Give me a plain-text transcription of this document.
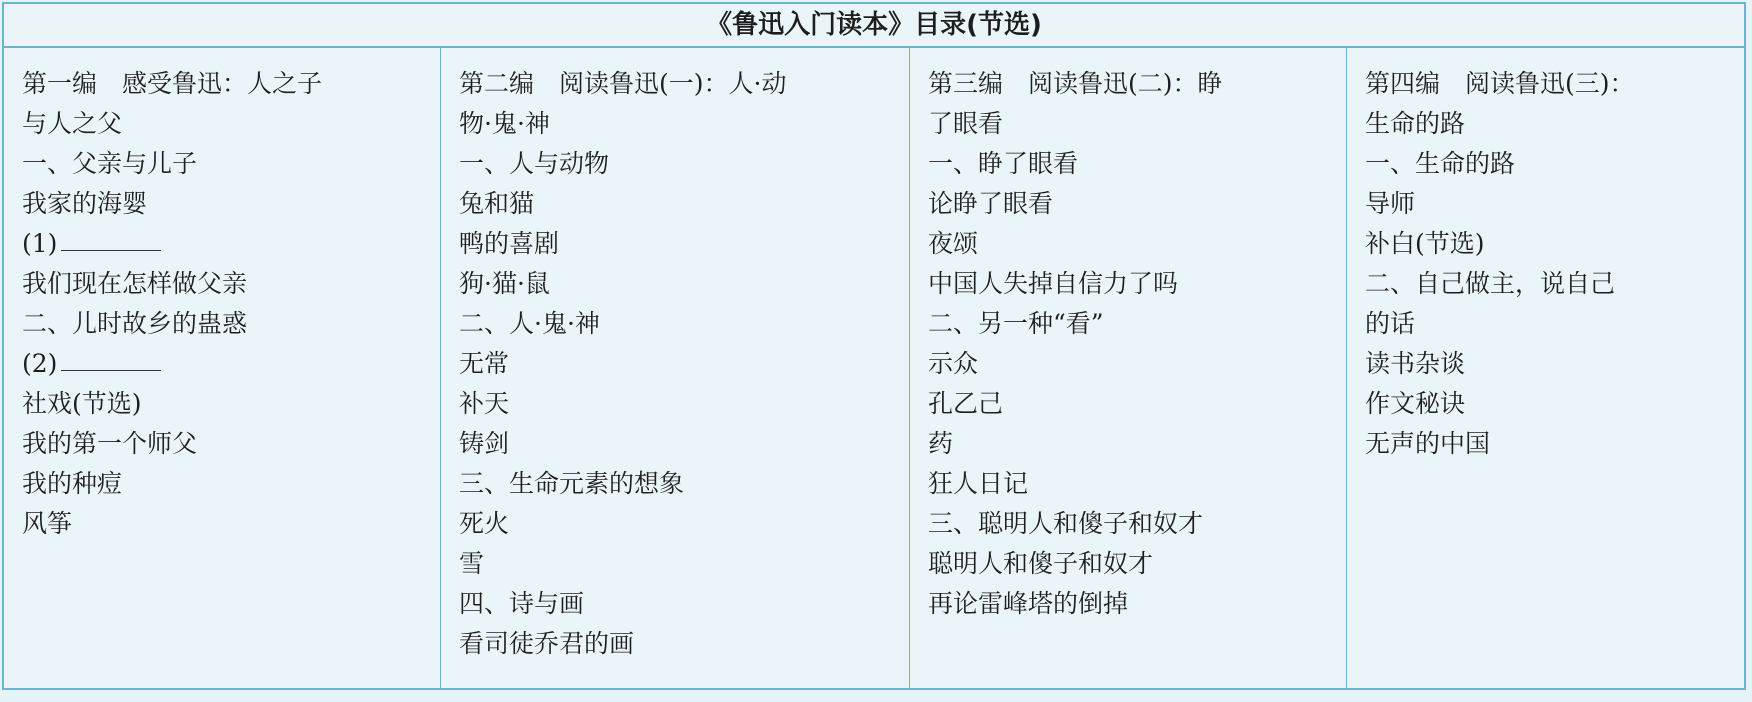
《鲁迅入门读本》目录(节选)
第一编　感受鲁迅：人之子
与人之父
一、父亲与儿子
我家的海婴
(1)
我们现在怎样做父亲
二、儿时故乡的蛊惑
(2)
社戏(节选)
我的第一个师父
我的种痘
风筝
第二编　阅读鲁迅(一)：人·动
物·鬼·神
一、人与动物
兔和猫
鸭的喜剧
狗·猫·鼠
二、人·鬼·神
无常
补天
铸剑
三、生命元素的想象
死火
雪
四、诗与画
看司徒乔君的画
第三编　阅读鲁迅(二)：睁
了眼看
一、睁了眼看
论睁了眼看
夜颂
中国人失掉自信力了吗
二、另一种“看”
示众
孔乙己
药
狂人日记
三、聪明人和傻子和奴才
聪明人和傻子和奴才
再论雷峰塔的倒掉
第四编　阅读鲁迅(三)：
生命的路
一、生命的路
导师
补白(节选)
二、自己做主，说自己
的话
读书杂谈
作文秘诀
无声的中国
